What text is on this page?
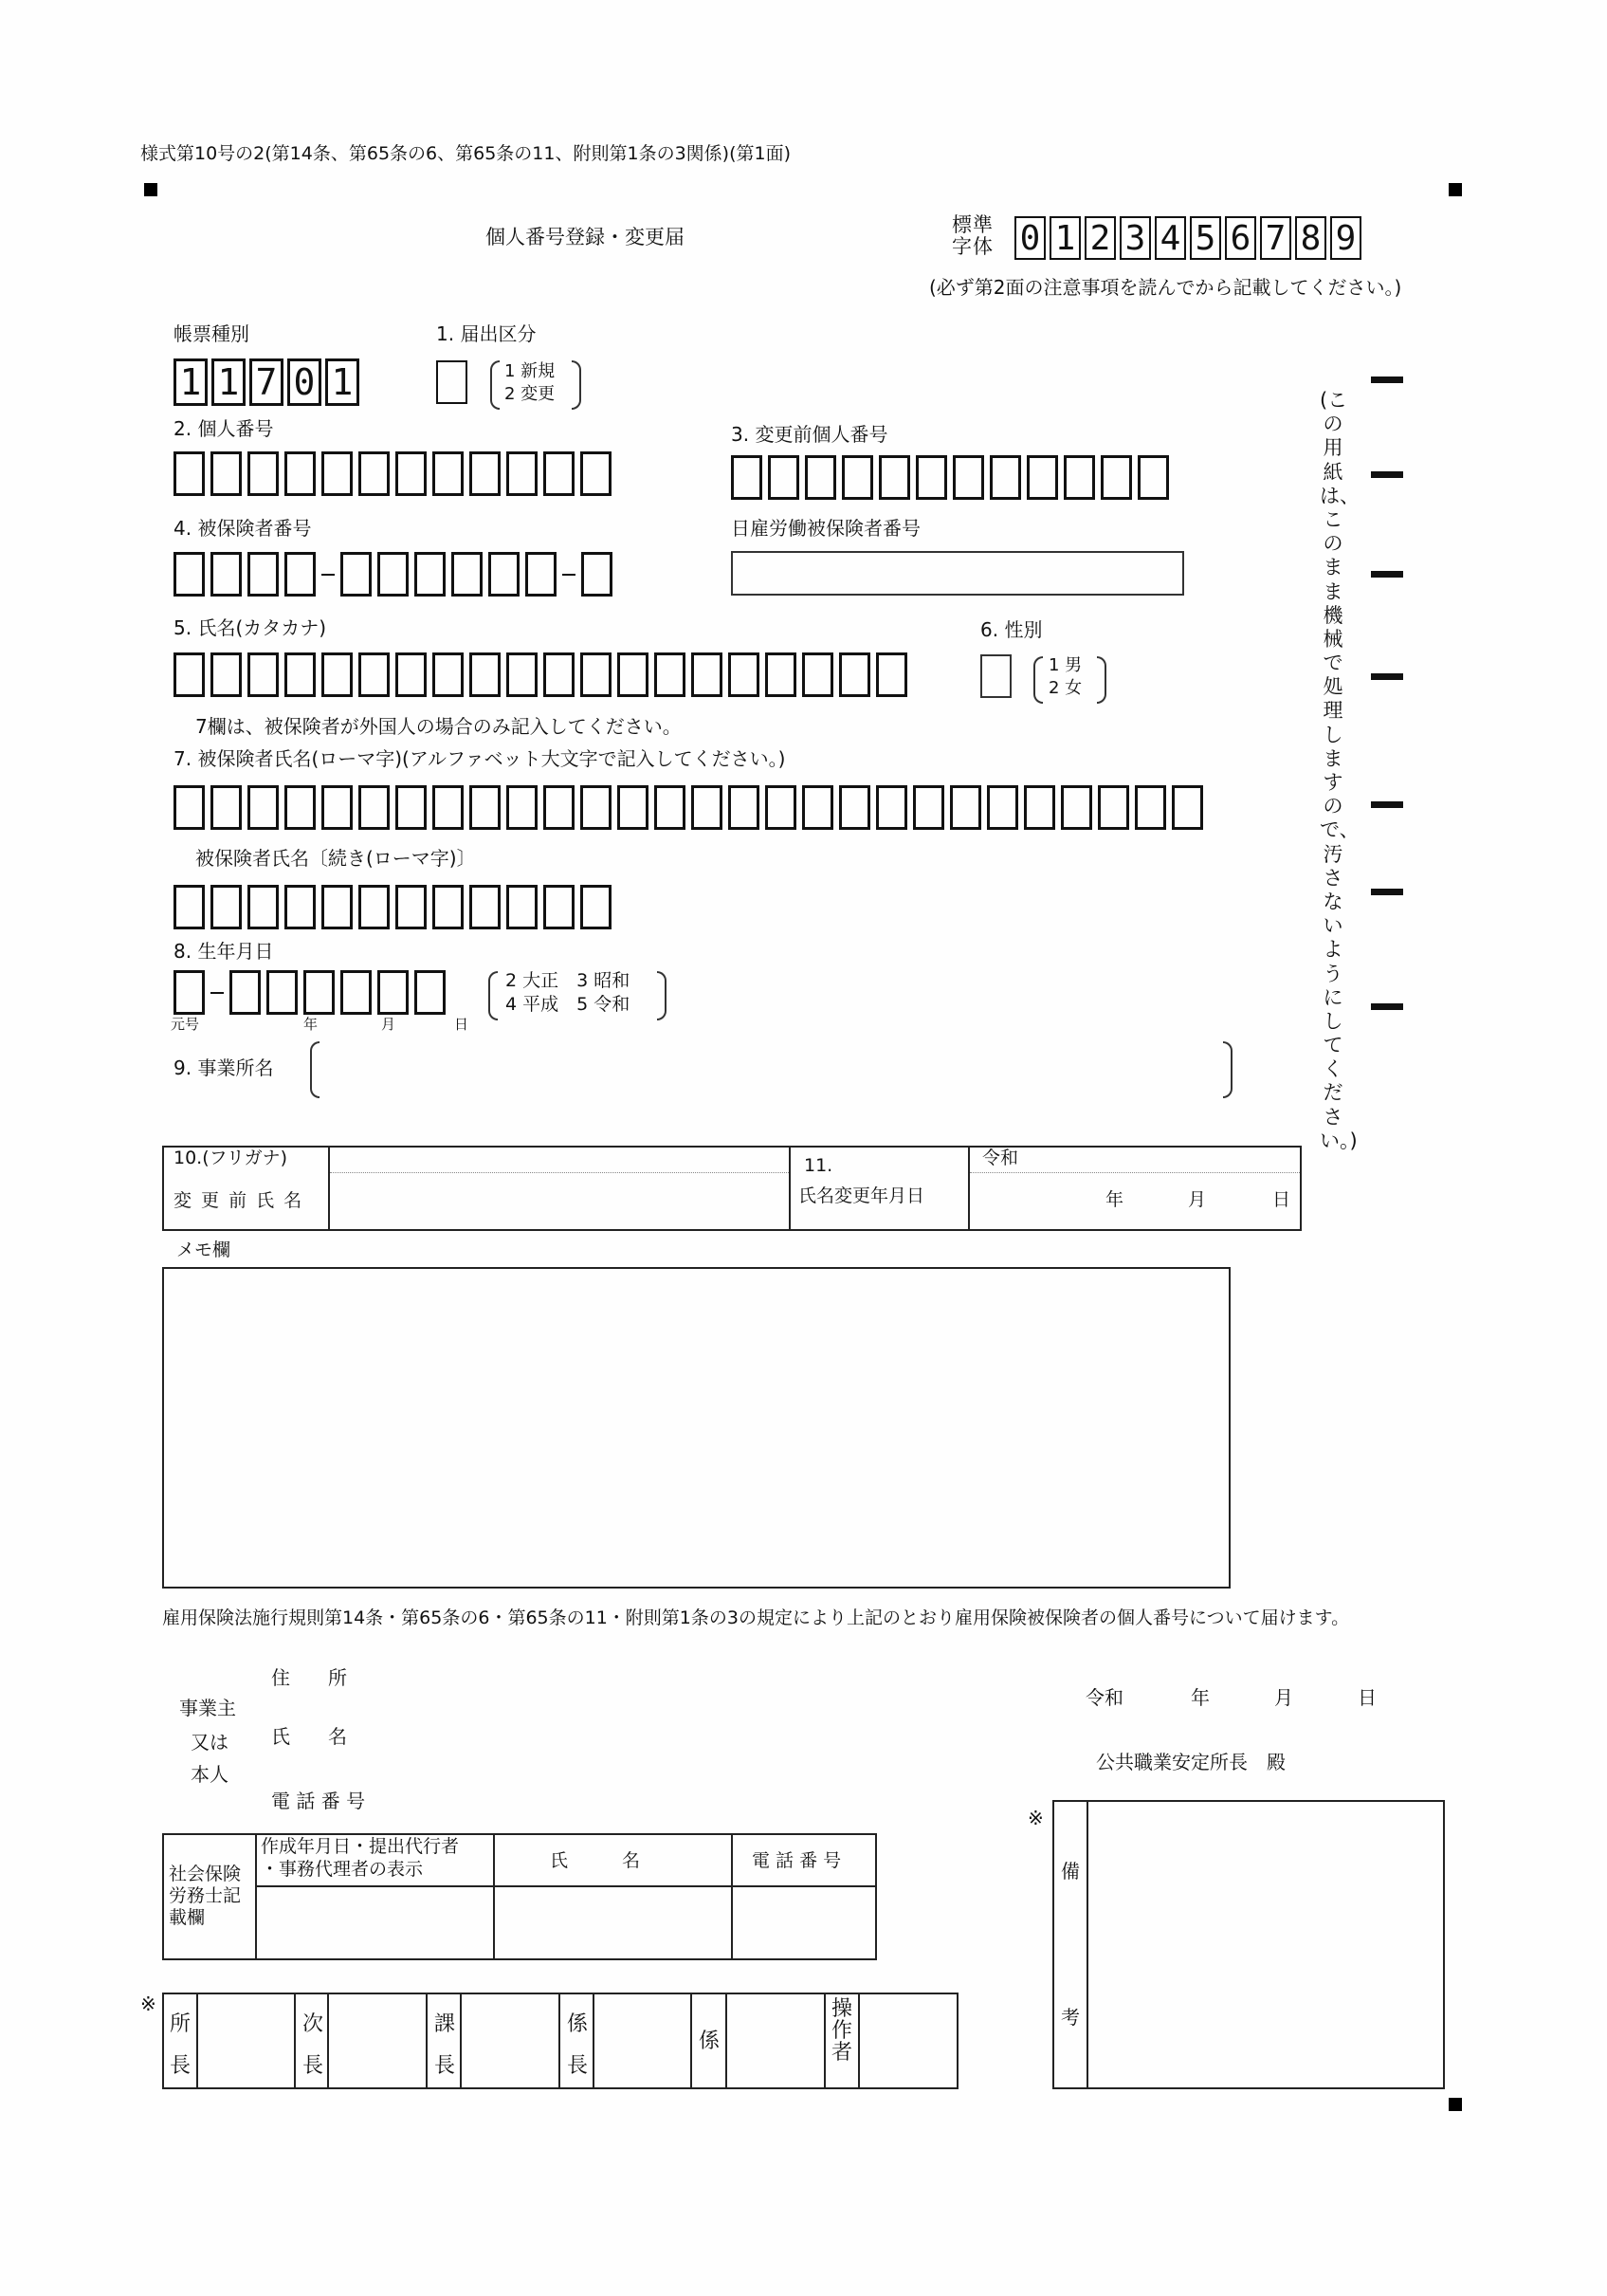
様式第10号の2(第14条、第65条の6、第65条の11、附則第1条の3関係)(第1面)
個人番号登録・変更届
標準字体 0 1 2 3 4 5 6 7 8 9
(必ず第2面の注意事項を読んでから記載してください。)
帳票種別
1 1 7 0 1
1. 届出区分
1 新規
2 変更
2. 個人番号	3. 変更前個人番号
4. 被保険者番号	日雇労働被保険者番号
5. 氏名(カタカナ)	6. 性別
1 男
2 女
7欄は、被保険者が外国人の場合のみ記入してください。
7. 被保険者氏名(ローマ字)(アルファベット大文字で記入してください。)
被保険者氏名〔続き(ローマ字)〕
8. 生年月日
元号	年	月	日
2 大正　3 昭和
4 平成　5 令和
9. 事業所名
(この用紙は、このまま機械で処理しますので、汚さないようにしてください。)
10.(フリガナ)
変 更 前 氏 名
11.
氏名変更年月日
令和
年	月	日
メモ欄
雇用保険法施行規則第14条・第65条の6・第65条の11・附則第1条の3の規定により上記のとおり雇用保険被保険者の個人番号について届けます。
事業主
又は
本人
住　　所
氏　　名
電 話 番 号
令和	年	月	日
公共職業安定所長　殿
社会保険労務士記載欄
作成年月日・提出代行者
・事務代理者の表示	氏　　　名	電 話 番 号
※
備
考
※
所長
次長
課長
係長
係
操作者
